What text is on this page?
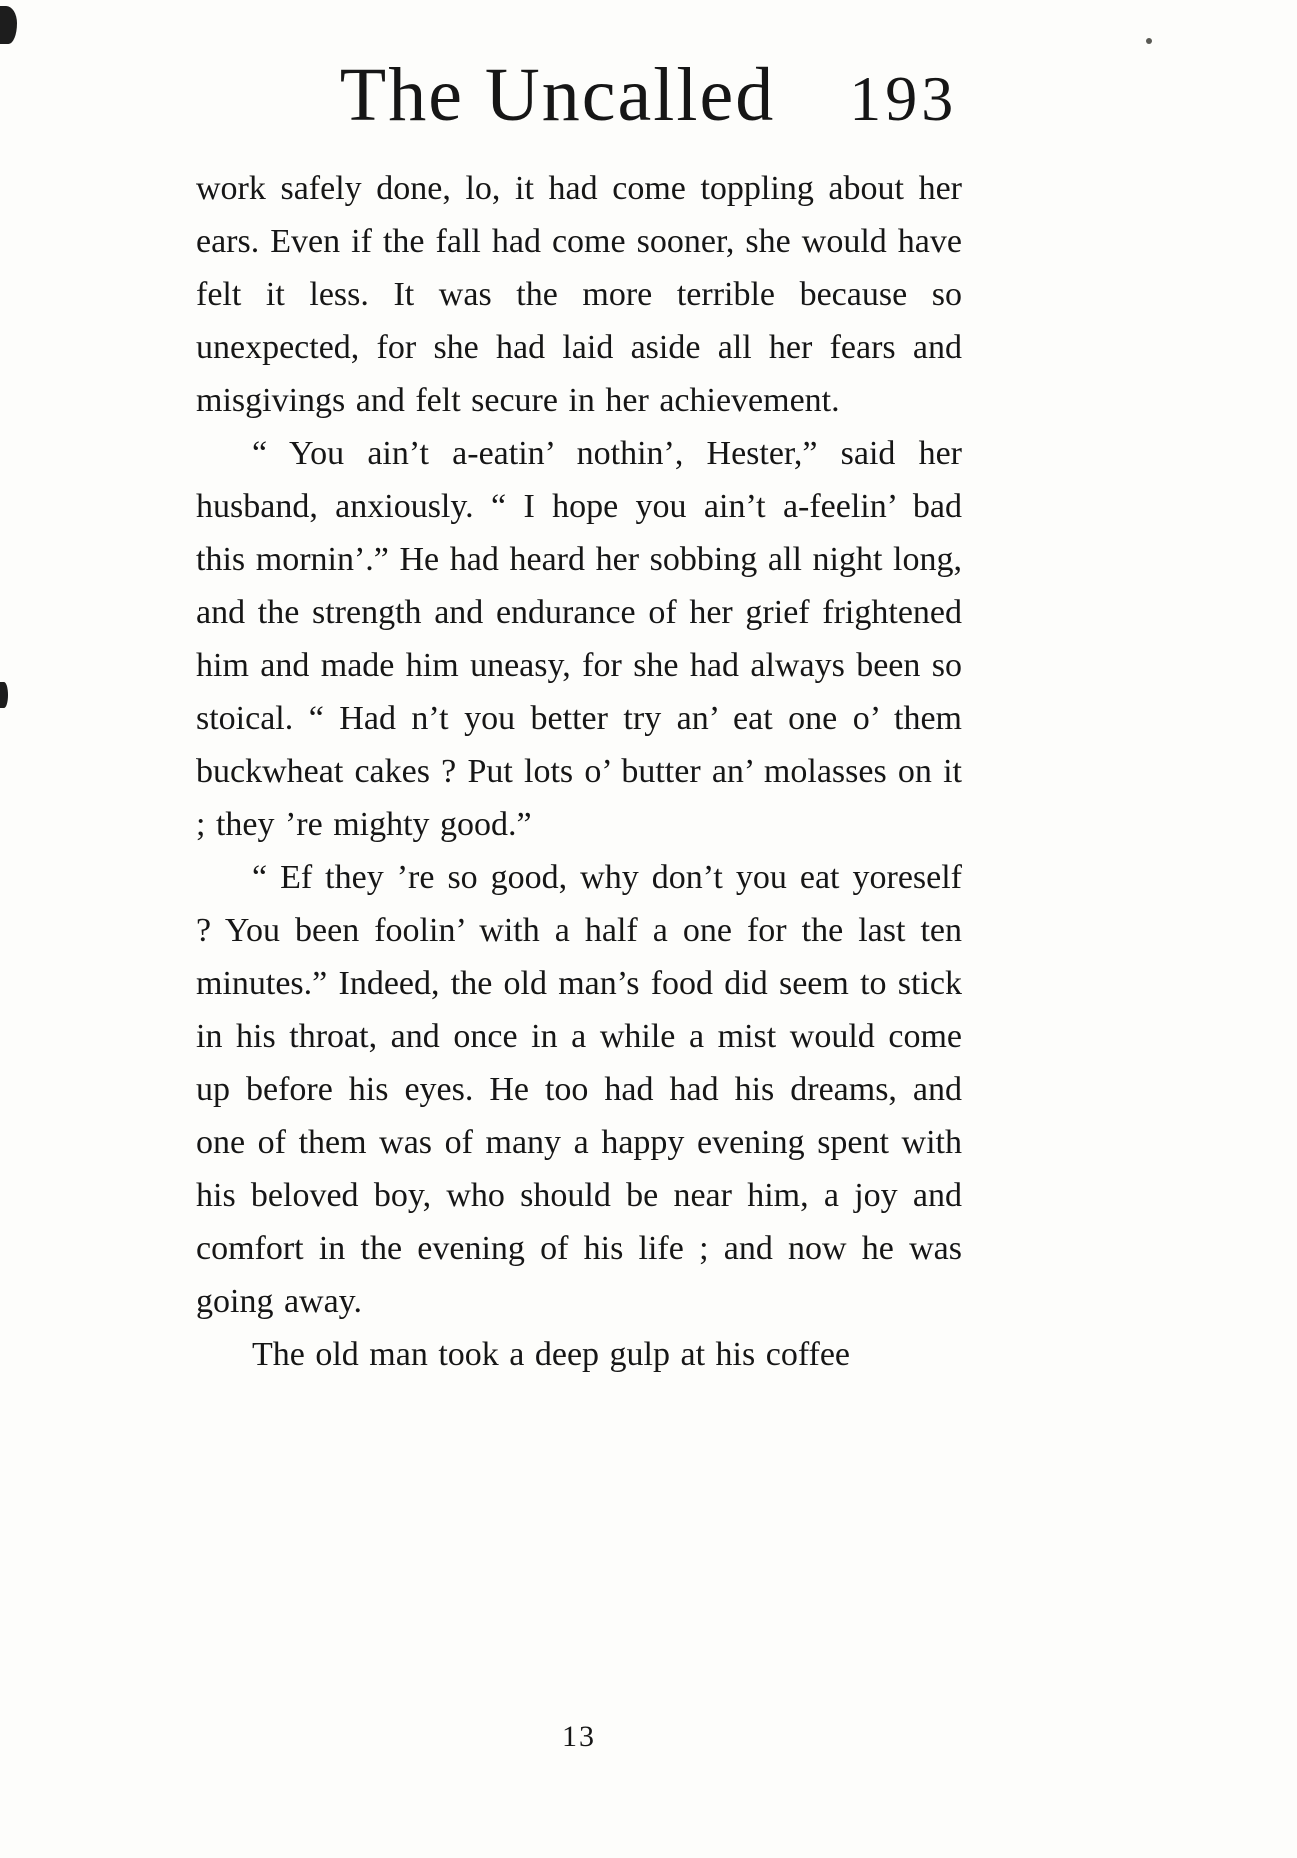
The Uncalled 193

work safely done, lo, it had come toppling about her ears. Even if the fall had come sooner, she would have felt it less. It was the more terrible because so unexpected, for she had laid aside all her fears and misgivings and felt secure in her achievement.

“ You ain’t a-eatin’ nothin’, Hester,” said her husband, anxiously. “ I hope you ain’t a-feelin’ bad this mornin’.” He had heard her sobbing all night long, and the strength and endurance of her grief frightened him and made him uneasy, for she had always been so stoical. “ Had n’t you better try an’ eat one o’ them buckwheat cakes ? Put lots o’ butter an’ molasses on it ; they ’re mighty good.”

“ Ef they ’re so good, why don’t you eat yoreself ? You been foolin’ with a half a one for the last ten minutes.” Indeed, the old man’s food did seem to stick in his throat, and once in a while a mist would come up before his eyes. He too had had his dreams, and one of them was of many a happy evening spent with his beloved boy, who should be near him, a joy and comfort in the evening of his life ; and now he was going away.

The old man took a deep gulp at his coffee

13
